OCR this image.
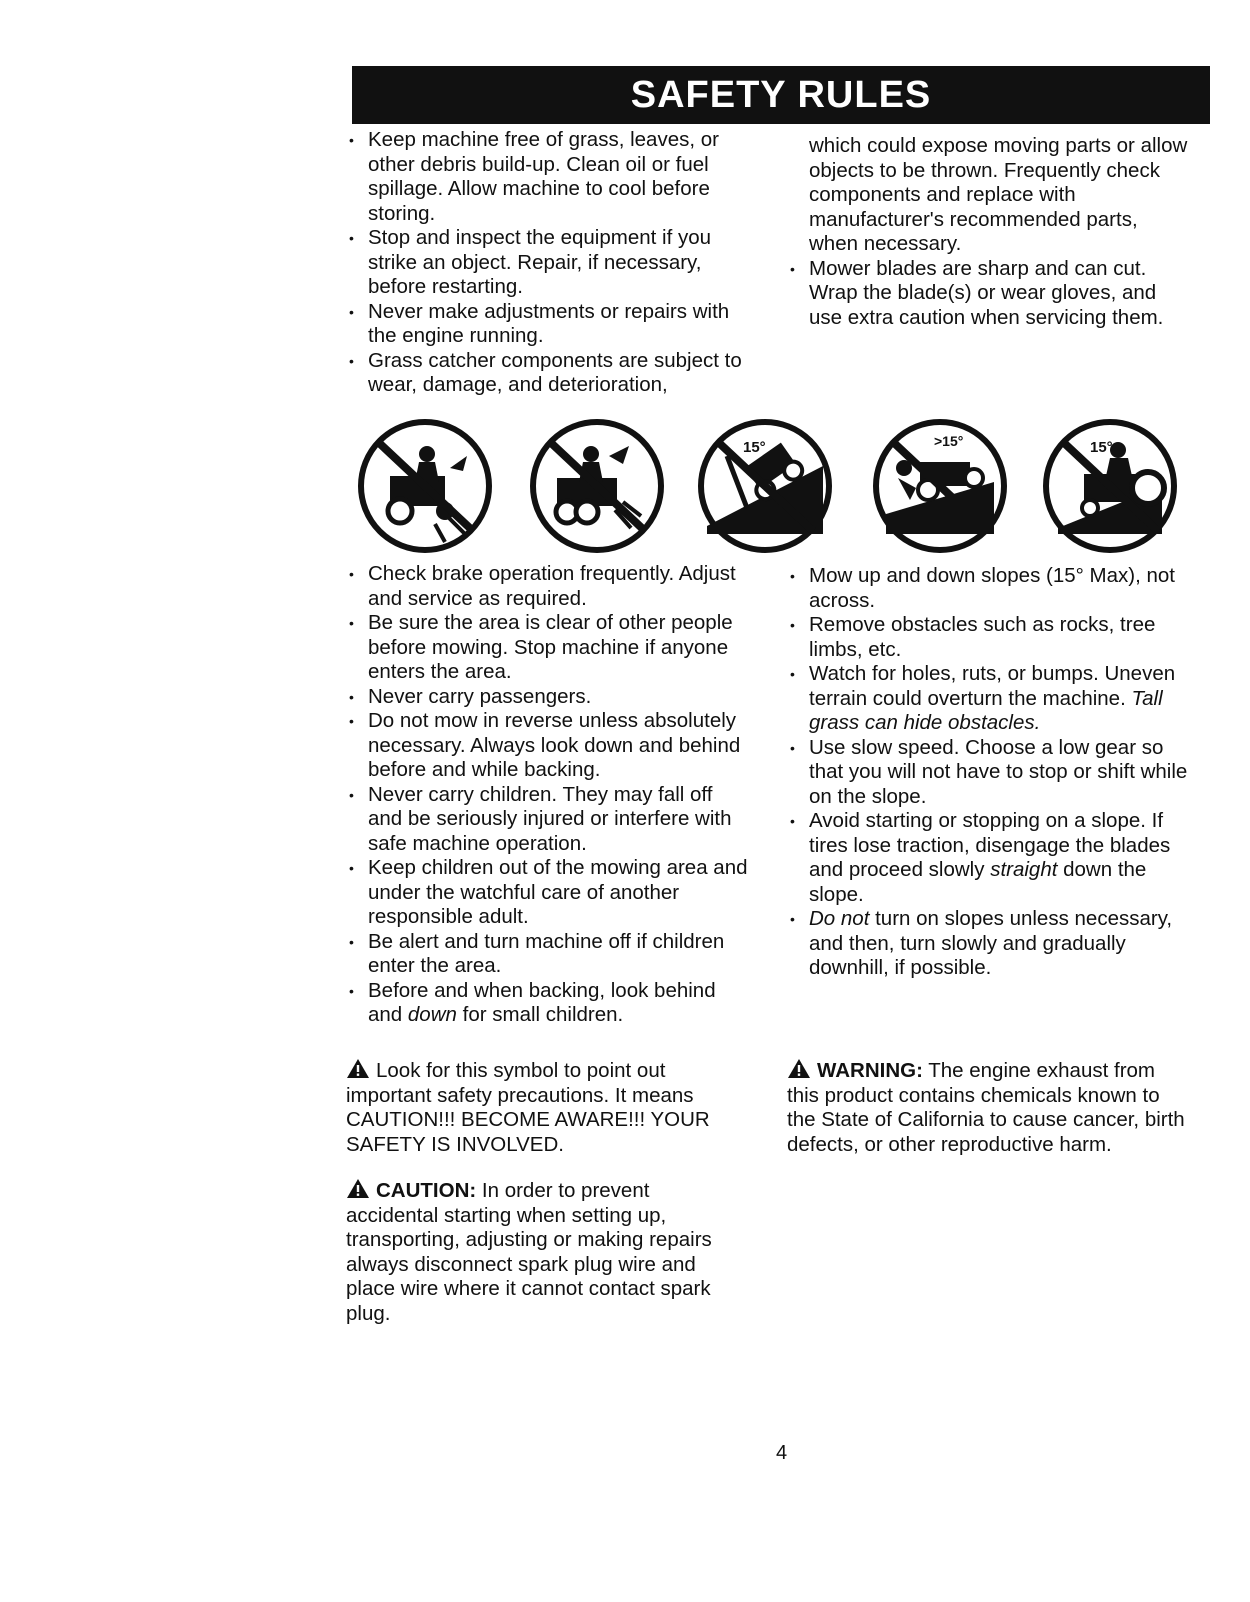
SAFETY RULES
• Keep machine free of grass, leaves, or other debris build-up. Clean oil or fuel spillage. Allow machine to cool before storing.
• Stop and inspect the equipment if you strike an object. Repair, if necessary, before restarting.
• Never make adjustments or repairs with the engine running.
• Grass catcher components are subject to wear, damage, and deterioration,
which could expose moving parts or allow objects to be thrown. Frequently check components and replace with manufacturer's recommended parts, when necessary.
• Mower blades are sharp and can cut. Wrap the blade(s) or wear gloves, and use extra caution when servicing them.
15°	>15°	15°
• Check brake operation frequently. Adjust and service as required.
• Be sure the area is clear of other people before mowing. Stop machine if anyone enters the area.
• Never carry passengers.
• Do not mow in reverse unless absolutely necessary. Always look down and behind before and while backing.
• Never carry children. They may fall off and be seriously injured or interfere with safe machine operation.
• Keep children out of the mowing area and under the watchful care of another responsible adult.
• Be alert and turn machine off if children enter the area.
• Before and when backing, look behind and down for small children.
• Mow up and down slopes (15° Max), not across.
• Remove obstacles such as rocks, tree limbs, etc.
• Watch for holes, ruts, or bumps. Uneven terrain could overturn the machine. Tall grass can hide obstacles.
• Use slow speed. Choose a low gear so that you will not have to stop or shift while on the slope.
• Avoid starting or stopping on a slope. If tires lose traction, disengage the blades and proceed slowly straight down the slope.
• Do not turn on slopes unless necessary, and then, turn slowly and gradually downhill, if possible.
Look for this symbol to point out important safety precautions. It means CAUTION!!! BECOME AWARE!!! YOUR SAFETY IS INVOLVED.
CAUTION: In order to prevent accidental starting when setting up, transporting, adjusting or making repairs always disconnect spark plug wire and place wire where it cannot contact spark plug.
WARNING: The engine exhaust from this product contains chemicals known to the State of California to cause cancer, birth defects, or other reproductive harm.
4
